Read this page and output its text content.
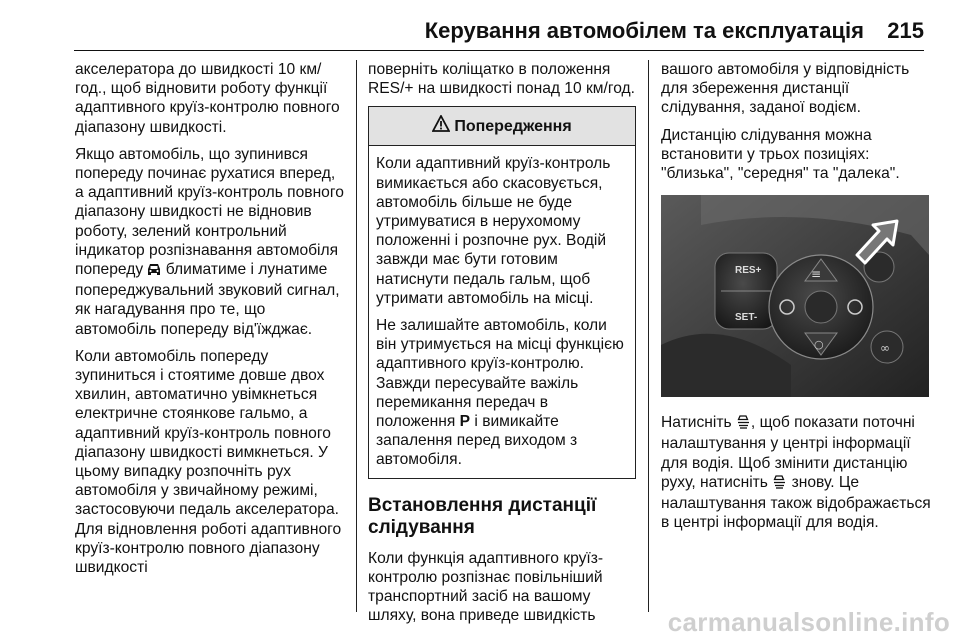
Керування автомобілем та експлуатація 215

акселератора до швидкості 10 км/год., щоб відновити роботу функції адаптивного круїз-контролю повного діапазону швидкості.

Якщо автомобіль, що зупинився попереду починає рухатися вперед, а адаптивний круїз-контроль повного діапазону швидкості не відновив роботу, зелений контрольний індикатор розпізнавання автомобіля попереду  блиматиме і лунатиме попереджувальний звуковий сигнал, як нагадування про те, що автомобіль попереду від'їжджає.

Коли автомобіль попереду зупиниться і стоятиме довше двох хвилин, автоматично увімкнеться електричне стоянкове гальмо, а адаптивний круїз-контроль повного діапазону швидкості вимкнеться. У цьому випадку розпочніть рух автомобіля у звичайному режимі, застосовуючи педаль акселератора. Для відновлення роботі адаптивного круїз-контролю повного діапазону швидкості

поверніть коліщатко в положення RES/+ на швидкості понад 10 км/год.

Попередження

Коли адаптивний круїз-контроль вимикається або скасовується, автомобіль більше не буде утримуватися в нерухомому положенні і розпочне рух. Водій завжди має бути готовим натиснути педаль гальм, щоб утримати автомобіль на місці.

Не залишайте автомобіль, коли він утримується на місці функцією адаптивного круїз-контролю. Завжди пересувайте важіль перемикання передач в положення P і вимикайте запалення перед виходом з автомобіля.

Встановлення дистанції слідування

Коли функція адаптивного круїз-контролю розпізнає повільніший транспортний засіб на вашому шляху, вона приведе швидкість

вашого автомобіля у відповідність для збереження дистанції слідування, заданої водієм.

Дистанцію слідування можна встановити у трьох позиціях: "близька", "середня" та "далека".

RES+
SET-
≡
○	∞

Натисніть , щоб показати поточні налаштування у центрі інформації для водія. Щоб змінити дистанцію руху, натисніть  знову. Це налаштування також відображається в центрі інформації для водія.

carmanualsonline.info
